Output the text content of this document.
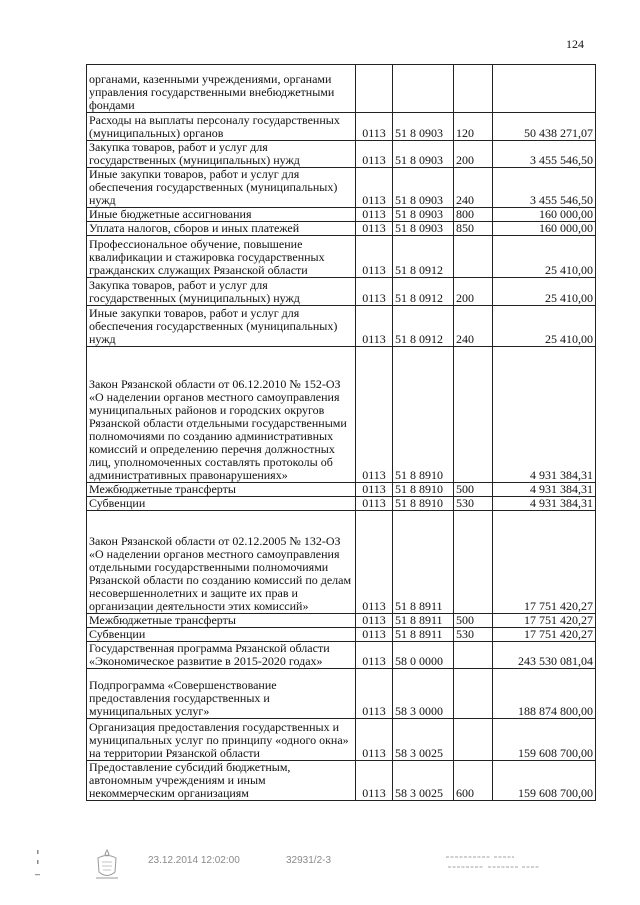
124
органами, казенными учреждениями, органами управления государственными внебюджетными фондами				
Расходы на выплаты персоналу государственных (муниципальных) органов	0113	51 8 0903	120	50 438 271,07
Закупка товаров, работ и услуг для государственных (муниципальных) нужд	0113	51 8 0903	200	3 455 546,50
Иные закупки товаров, работ и услуг для обеспечения государственных (муниципальных) нужд	0113	51 8 0903	240	3 455 546,50
Иные бюджетные ассигнования	0113	51 8 0903	800	160 000,00
Уплата налогов, сборов и иных платежей	0113	51 8 0903	850	160 000,00
Профессиональное обучение, повышение квалификации и стажировка государственных гражданских служащих Рязанской области	0113	51 8 0912		25 410,00
Закупка товаров, работ и услуг для государственных (муниципальных) нужд	0113	51 8 0912	200	25 410,00
Иные закупки товаров, работ и услуг для обеспечения государственных (муниципальных) нужд	0113	51 8 0912	240	25 410,00
Закон Рязанской области от 06.12.2010 № 152-ОЗ «О наделении органов местного самоуправления муниципальных районов и городских округов Рязанской области отдельными государственными полномочиями по созданию административных комиссий и определению перечня должностных лиц, уполномоченных составлять протоколы об административных правонарушениях»	0113	51 8 8910		4 931 384,31
Межбюджетные трансферты	0113	51 8 8910	500	4 931 384,31
Субвенции	0113	51 8 8910	530	4 931 384,31
Закон Рязанской области от 02.12.2005 № 132-ОЗ «О наделении органов местного самоуправления отдельными государственными полномочиями Рязанской области по созданию комиссий по делам несовершеннолетних и защите их прав и организации деятельности этих комиссий»	0113	51 8 8911		17 751 420,27
Межбюджетные трансферты	0113	51 8 8911	500	17 751 420,27
Субвенции	0113	51 8 8911	530	17 751 420,27
Государственная программа Рязанской области «Экономическое развитие в 2015-2020 годах»	0113	58 0 0000		243 530 081,04
Подпрограмма «Совершенствование предоставления государственных и муниципальных услуг»	0113	58 3 0000		188 874 800,00
Организация предоставления государственных и муниципальных услуг по принципу «одного окна» на территории Рязанской области	0113	58 3 0025		159 608 700,00
Предоставление субсидий бюджетным, автономным учреждениям и иным некоммерческим организациям	0113	58 3 0025	600	159 608 700,00
23.12.2014 12:02:00	32931/2-3
